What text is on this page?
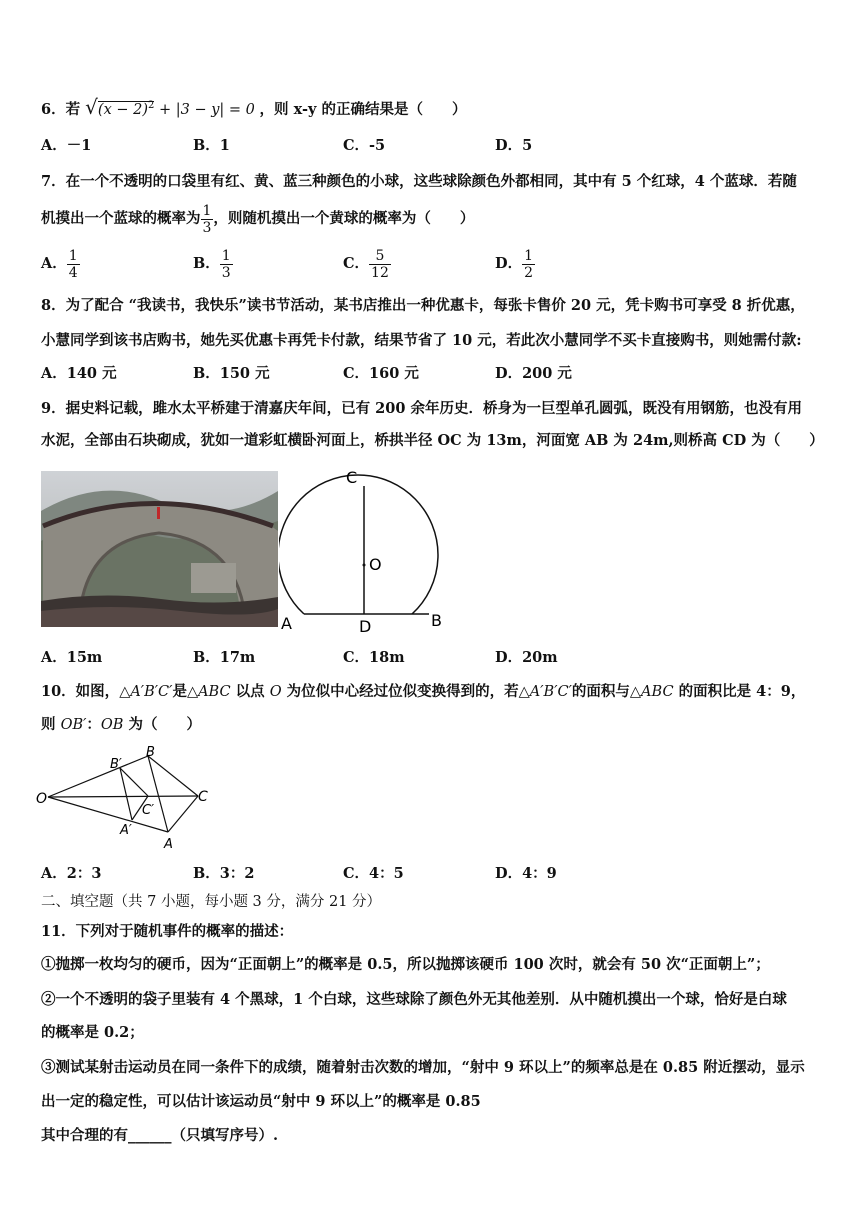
6．若 $√(x - 2)^2 + |3 - y| = 0$ ，则 x-y 的正确结果是（　　）
A．－1	B．1	C．-5	D．5
7．在一个不透明的口袋里有红、黄、蓝三种颜色的小球，这些球除颜色外都相同，其中有 5 个红球，4 个蓝球．若随
机摸出一个蓝球的概率为 $\frac{1}{3}$ ，则随机摸出一个黄球的概率为（　　）
A． $\frac{1}{4}$	B． $\frac{1}{3}$	C． $\frac{5}{12}$	D． $\frac{1}{2}$
8．为了配合 “我读书，我快乐”读书节活动，某书店推出一种优惠卡，每张卡售价 20 元，凭卡购书可享受 8 折优惠，
小慧同学到该书店购书，她先买优惠卡再凭卡付款，结果节省了 10 元，若此次小慧同学不买卡直接购书，则她需付款:
A．140 元	B．150 元	C．160 元	D．200 元
9．据史料记载，雎水太平桥建于清嘉庆年间，已有 200 余年历史．桥身为一巨型单孔圆弧，既没有用钢筋，也没有用
水泥，全部由石块砌成，犹如一道彩虹横卧河面上，桥拱半径 OC 为 13m，河面宽 AB 为 24m,则桥高 CD 为（　　）
C
O
A	D	B
A．15m	B．17m	C．18m	D．20m
10．如图，△A′B′C′是△ABC 以点 O 为位似中心经过位似变换得到的，若△A′B′C′的面积与△ABC 的面积比是 4：9，
则 OB′：OB 为（　　）
O
B′
B
C
C′
A′
A
A．2：3	B．3：2	C．4：5	D．4：9
二、填空题（共 7 小题，每小题 3 分，满分 21 分）
11．下列对于随机事件的概率的描述：
①抛掷一枚均匀的硬币，因为“正面朝上”的概率是 0.5，所以抛掷该硬币 100 次时，就会有 50 次“正面朝上”；
②一个不透明的袋子里装有 4 个黑球，1 个白球，这些球除了颜色外无其他差别．从中随机摸出一个球，恰好是白球
的概率是 0.2；
③测试某射击运动员在同一条件下的成绩，随着射击次数的增加，“射中 9 环以上”的频率总是在 0.85 附近摆动，显示
出一定的稳定性，可以估计该运动员“射中 9 环以上”的概率是 0.85
其中合理的有______（只填写序号）.
